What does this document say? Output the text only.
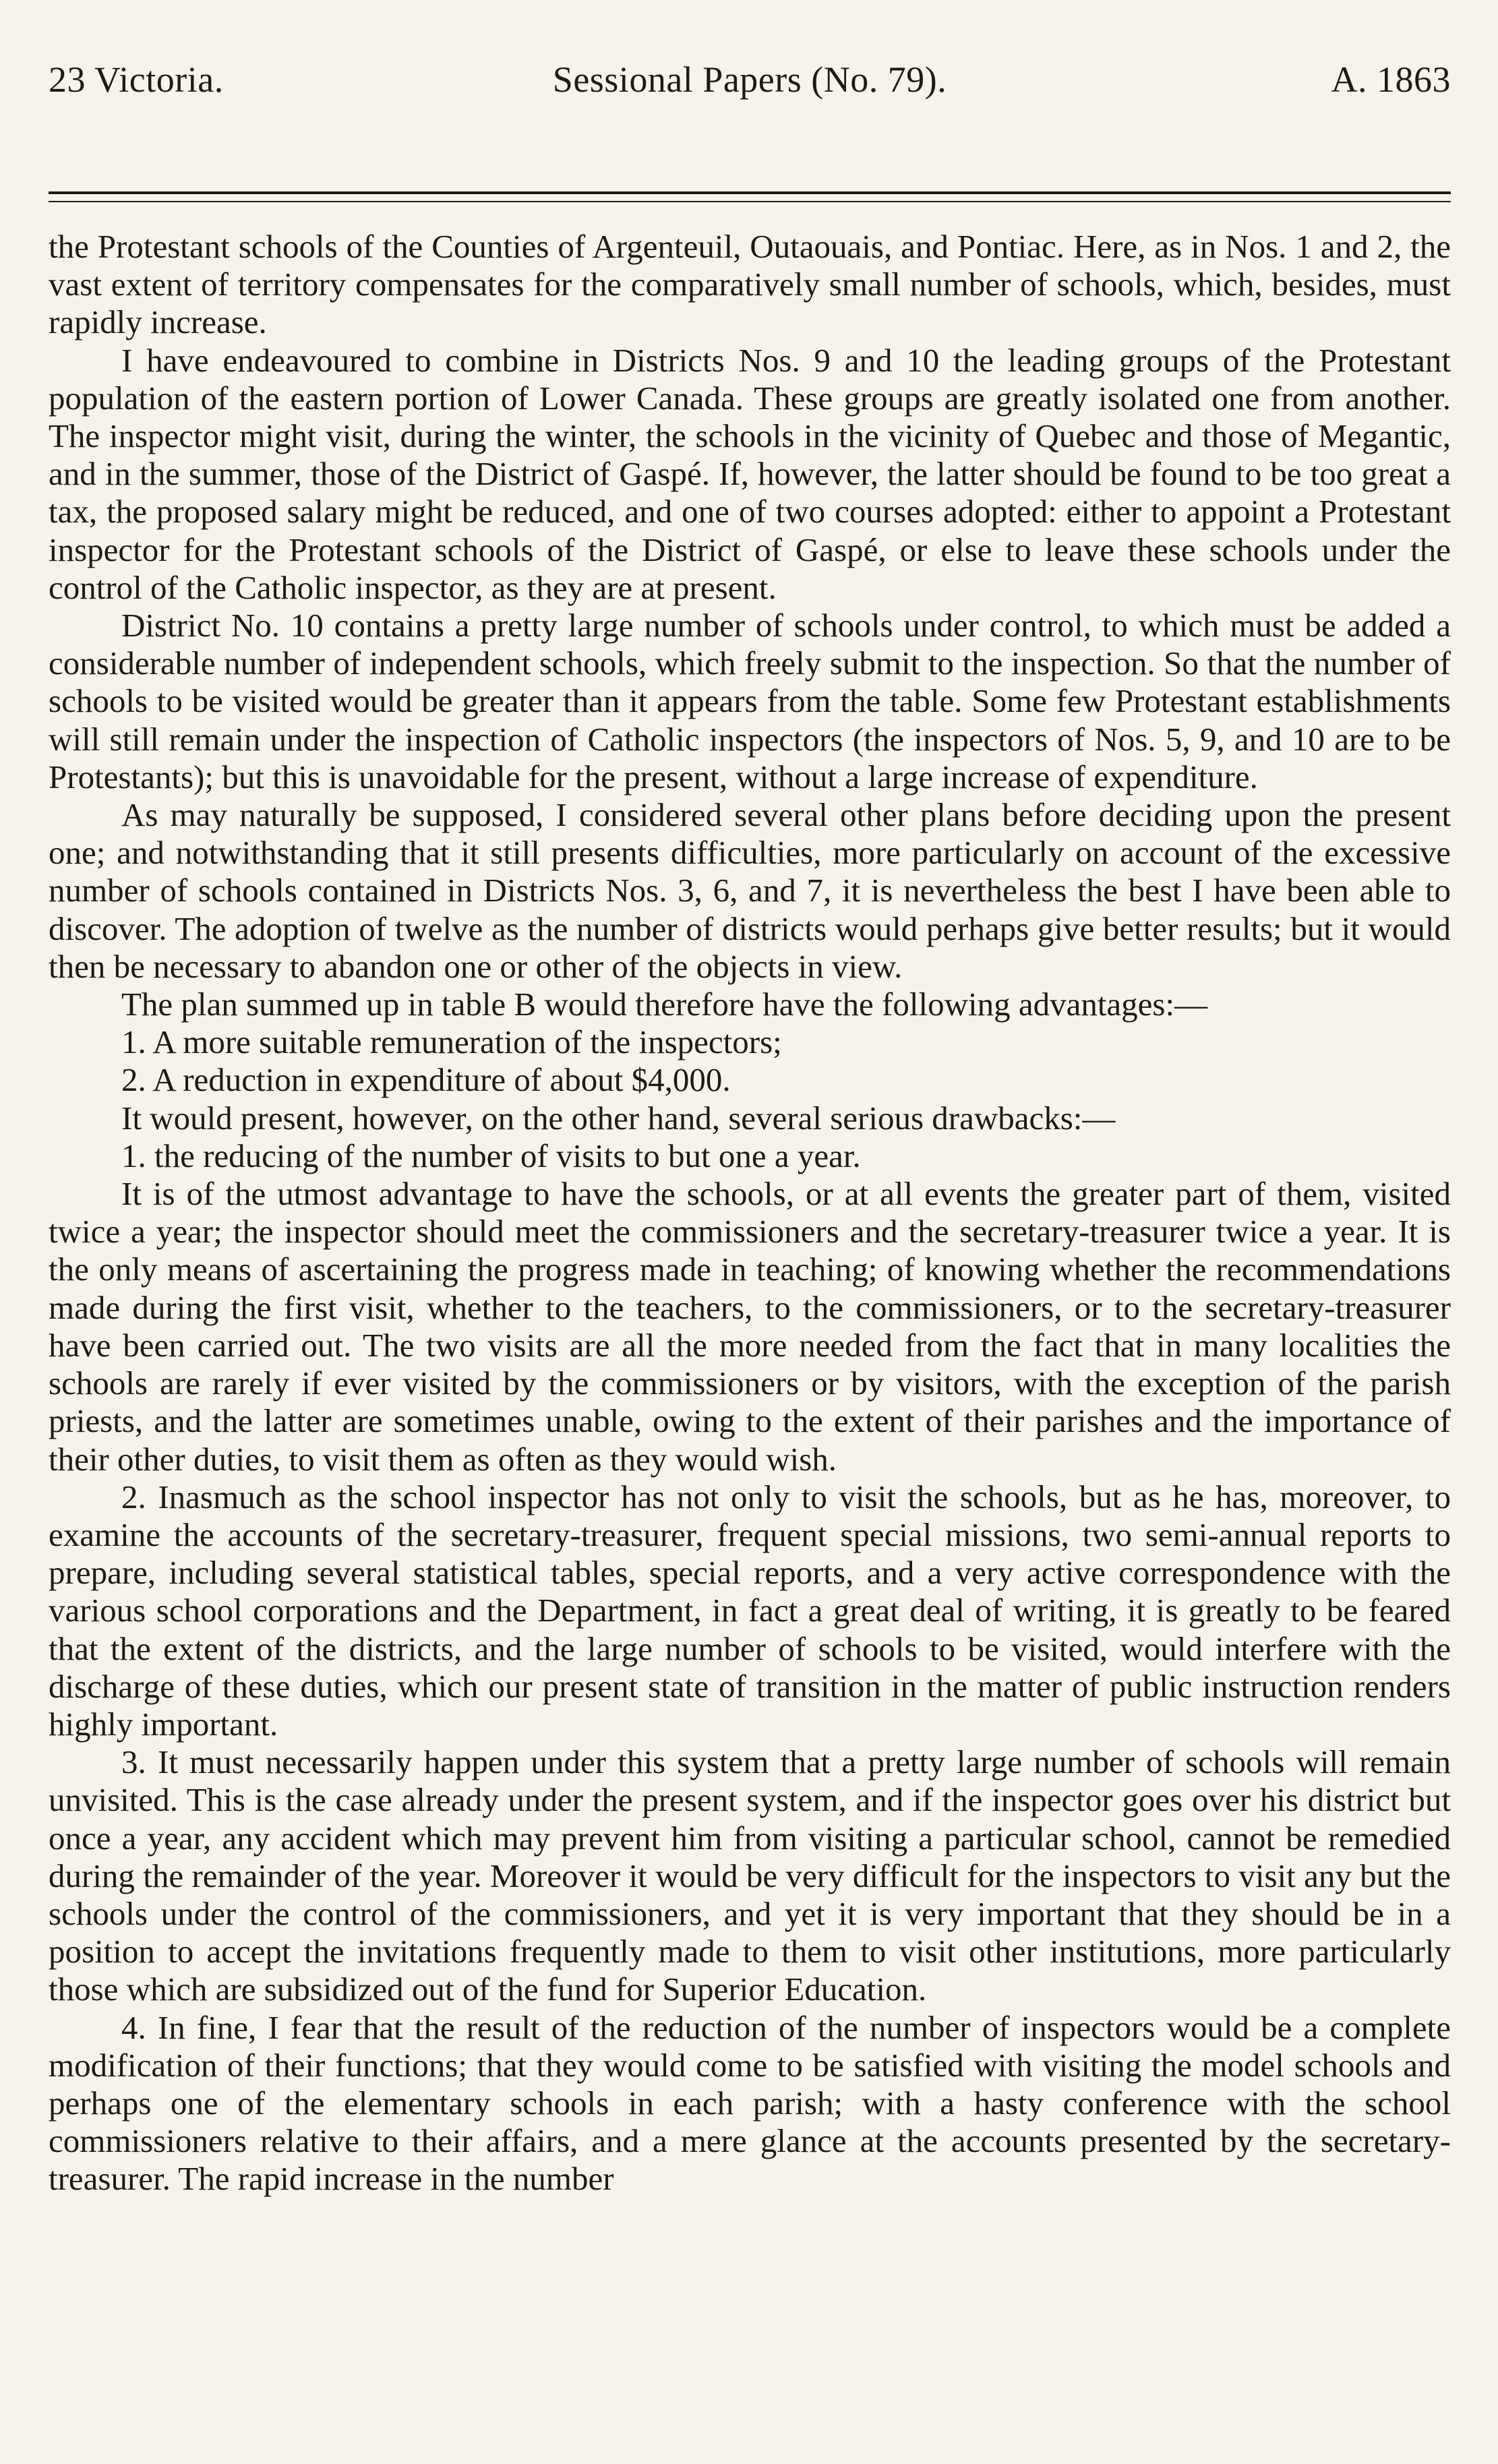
23 Victoria.	Sessional Papers (No. 79).	A. 1863

the Protestant schools of the Counties of Argenteuil, Outaouais, and Pontiac. Here, as in Nos. 1 and 2, the vast extent of territory compensates for the comparatively small number of schools, which, besides, must rapidly increase.

I have endeavoured to combine in Districts Nos. 9 and 10 the leading groups of the Protestant population of the eastern portion of Lower Canada. These groups are greatly isolated one from another. The inspector might visit, during the winter, the schools in the vicinity of Quebec and those of Megantic, and in the summer, those of the District of Gaspé. If, however, the latter should be found to be too great a tax, the proposed salary might be reduced, and one of two courses adopted: either to appoint a Protestant inspector for the Protestant schools of the District of Gaspé, or else to leave these schools under the control of the Catholic inspector, as they are at present.

District No. 10 contains a pretty large number of schools under control, to which must be added a considerable number of independent schools, which freely submit to the inspection. So that the number of schools to be visited would be greater than it appears from the table. Some few Protestant establishments will still remain under the inspection of Catholic inspectors (the inspectors of Nos. 5, 9, and 10 are to be Protestants); but this is unavoidable for the present, without a large increase of expenditure.

As may naturally be supposed, I considered several other plans before deciding upon the present one; and notwithstanding that it still presents difficulties, more particularly on account of the excessive number of schools contained in Districts Nos. 3, 6, and 7, it is nevertheless the best I have been able to discover. The adoption of twelve as the number of districts would perhaps give better results; but it would then be necessary to abandon one or other of the objects in view.

The plan summed up in table B would therefore have the following advantages:—

1. A more suitable remuneration of the inspectors;

2. A reduction in expenditure of about $4,000.

It would present, however, on the other hand, several serious drawbacks:—

1. the reducing of the number of visits to but one a year.

It is of the utmost advantage to have the schools, or at all events the greater part of them, visited twice a year; the inspector should meet the commissioners and the secretary-treasurer twice a year. It is the only means of ascertaining the progress made in teaching; of knowing whether the recommendations made during the first visit, whether to the teachers, to the commissioners, or to the secretary-treasurer have been carried out. The two visits are all the more needed from the fact that in many localities the schools are rarely if ever visited by the commissioners or by visitors, with the exception of the parish priests, and the latter are sometimes unable, owing to the extent of their parishes and the importance of their other duties, to visit them as often as they would wish.

2. Inasmuch as the school inspector has not only to visit the schools, but as he has, moreover, to examine the accounts of the secretary-treasurer, frequent special missions, two semi-annual reports to prepare, including several statistical tables, special reports, and a very active correspondence with the various school corporations and the Department, in fact a great deal of writing, it is greatly to be feared that the extent of the districts, and the large number of schools to be visited, would interfere with the discharge of these duties, which our present state of transition in the matter of public instruction renders highly important.

3. It must necessarily happen under this system that a pretty large number of schools will remain unvisited. This is the case already under the present system, and if the inspector goes over his district but once a year, any accident which may prevent him from visiting a particular school, cannot be remedied during the remainder of the year. Moreover it would be very difficult for the inspectors to visit any but the schools under the control of the commissioners, and yet it is very important that they should be in a position to accept the invitations frequently made to them to visit other institutions, more particularly those which are subsidized out of the fund for Superior Education.

4. In fine, I fear that the result of the reduction of the number of inspectors would be a complete modification of their functions; that they would come to be satisfied with visiting the model schools and perhaps one of the elementary schools in each parish; with a hasty conference with the school commissioners relative to their affairs, and a mere glance at the accounts presented by the secretary-treasurer. The rapid increase in the number
